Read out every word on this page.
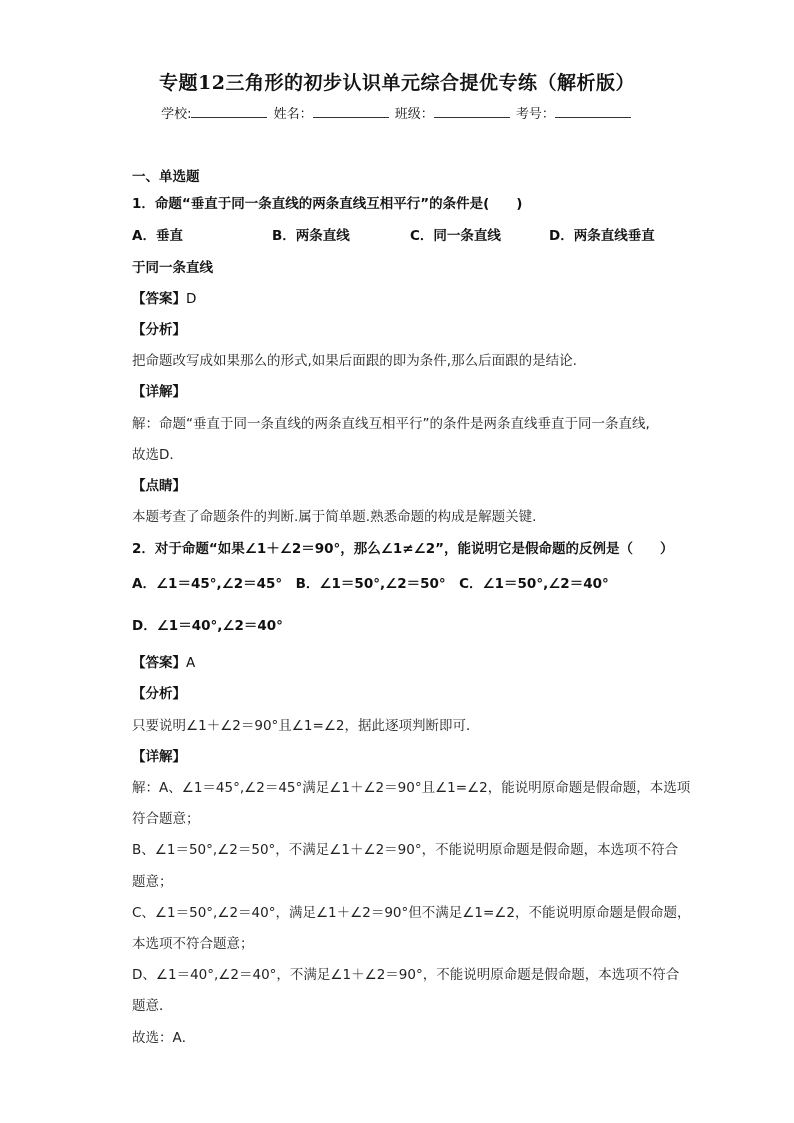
专题12三角形的初步认识单元综合提优专练（解析版）
学校:	姓名：	班级：	考号：
一、单选题
1．命题“垂直于同一条直线的两条直线互相平行”的条件是(　　)
A．垂直	B．两条直线	C．同一条直线	D．两条直线垂直
于同一条直线
【答案】D
【分析】
把命题改写成如果那么的形式,如果后面跟的即为条件,那么后面跟的是结论.
【详解】
解：命题“垂直于同一条直线的两条直线互相平行”的条件是两条直线垂直于同一条直线,
故选D.
【点睛】
本题考查了命题条件的判断.属于简单题.熟悉命题的构成是解题关键.
2．对于命题“如果∠1＋∠2＝90°，那么∠1≠∠2”，能说明它是假命题的反例是（　　）
A．∠1＝45°,∠2＝45°　B．∠1＝50°,∠2＝50°　C．∠1＝50°,∠2＝40°
D．∠1＝40°,∠2＝40°
【答案】A
【分析】
只要说明∠1＋∠2＝90°且∠1=∠2，据此逐项判断即可．
【详解】
解：A、∠1＝45°,∠2＝45°满足∠1＋∠2＝90°且∠1=∠2，能说明原命题是假命题，本选项
符合题意；
B、∠1＝50°,∠2＝50°，不满足∠1＋∠2＝90°，不能说明原命题是假命题，本选项不符合
题意；
C、∠1＝50°,∠2＝40°，满足∠1＋∠2＝90°但不满足∠1=∠2，不能说明原命题是假命题，
本选项不符合题意；
D、∠1＝40°,∠2＝40°，不满足∠1＋∠2＝90°，不能说明原命题是假命题，本选项不符合
题意．
故选：A．
